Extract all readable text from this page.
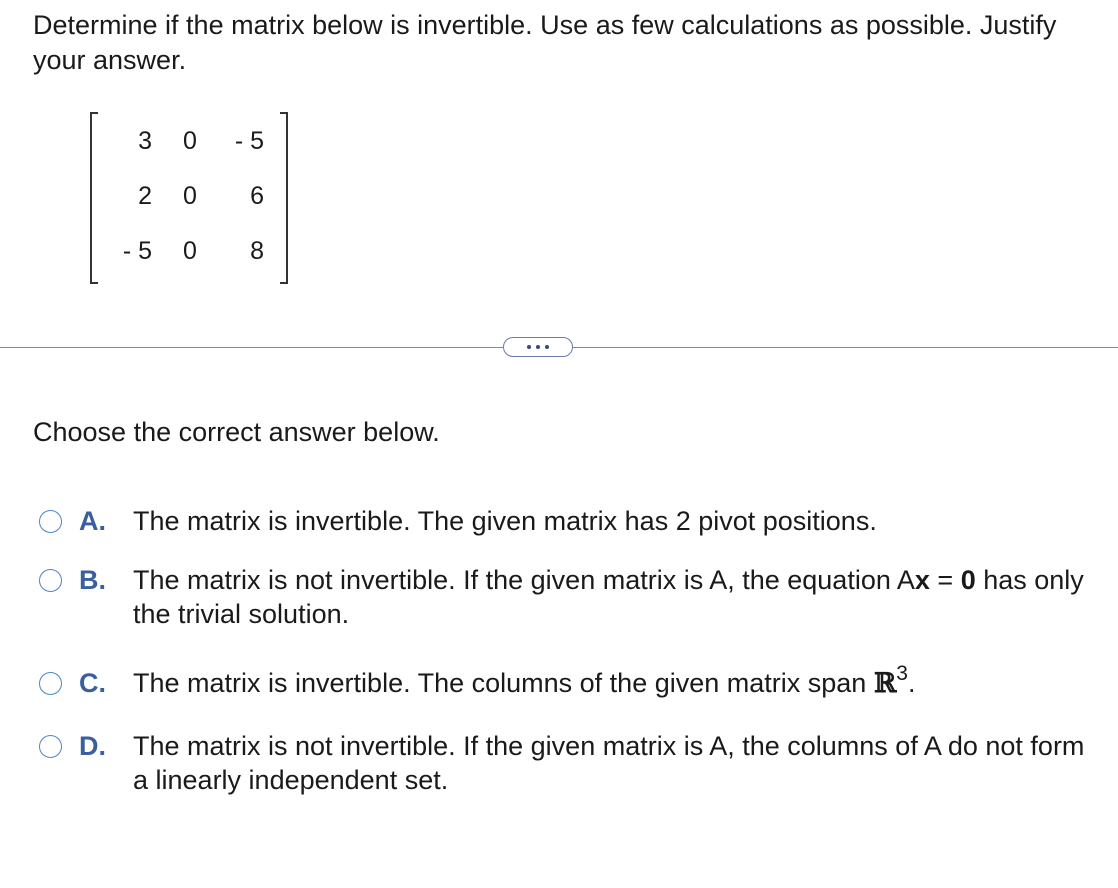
Determine if the matrix below is invertible. Use as few calculations as possible. Justify your answer.
3 0 - 5
2 0 6
- 5 0 8
Choose the correct answer below.
A. The matrix is invertible. The given matrix has 2 pivot positions.
B. The matrix is not invertible. If the given matrix is A, the equation Ax = 0 has only the trivial solution.
C. The matrix is invertible. The columns of the given matrix span ℝ$^3$.
D. The matrix is not invertible. If the given matrix is A, the columns of A do not form a linearly independent set.
